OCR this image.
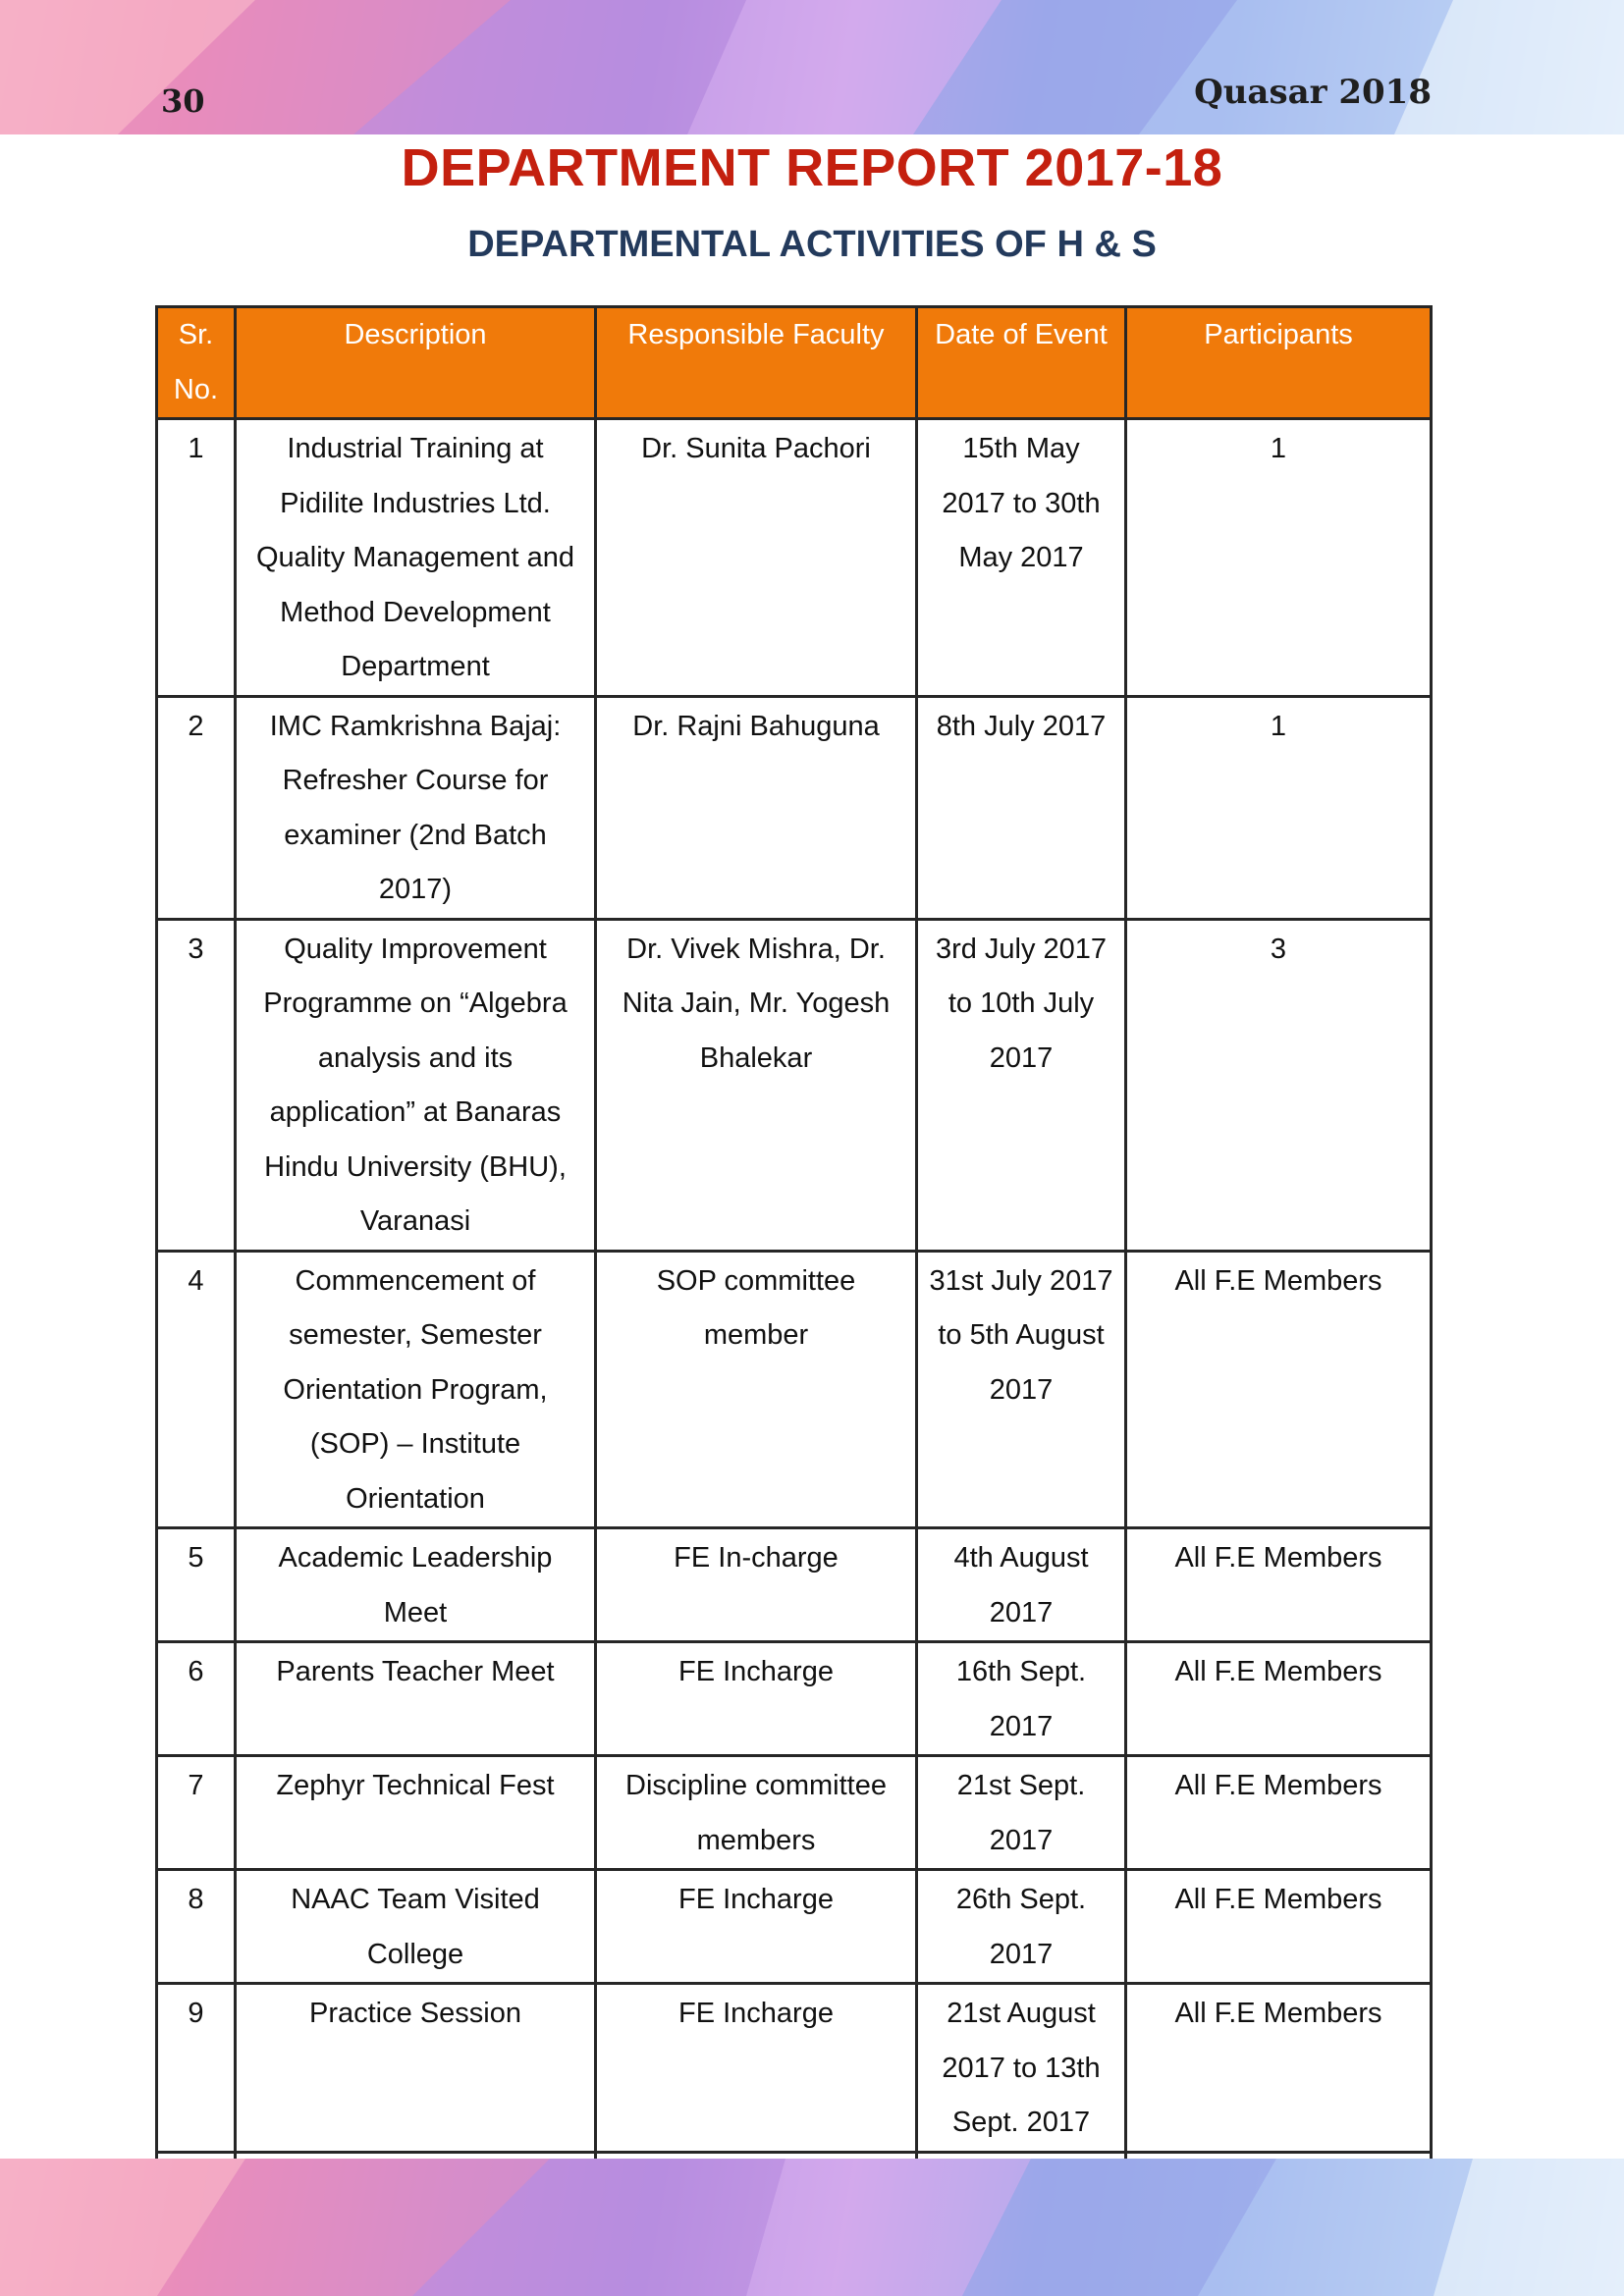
30	Quasar 2018
DEPARTMENT REPORT 2017-18
DEPARTMENTAL ACTIVITIES OF H & S
Sr. No.	Description	Responsible Faculty	Date of Event	Participants
1	Industrial Training at Pidilite Industries Ltd. Quality Management and Method Development Department	Dr. Sunita Pachori	15th May 2017 to 30th May 2017	1
2	IMC Ramkrishna Bajaj: Refresher Course for examiner (2nd Batch 2017)	Dr. Rajni Bahuguna	8th July 2017	1
3	Quality Improvement Programme on “Algebra analysis and its application” at Banaras Hindu University (BHU), Varanasi	Dr. Vivek Mishra, Dr. Nita Jain, Mr. Yogesh Bhalekar	3rd July 2017 to 10th July 2017	3
4	Commencement of semester, Semester Orientation Program, (SOP) – Institute Orientation	SOP committee member	31st July 2017 to 5th August 2017	All F.E Members
5	Academic Leadership Meet	FE In-charge	4th August 2017	All F.E Members
6	Parents Teacher Meet	FE Incharge	16th Sept. 2017	All F.E Members
7	Zephyr Technical Fest	Discipline committee members	21st Sept. 2017	All F.E Members
8	NAAC Team Visited College	FE Incharge	26th Sept. 2017	All F.E Members
9	Practice Session	FE Incharge	21st August 2017 to 13th Sept. 2017	All F.E Members
